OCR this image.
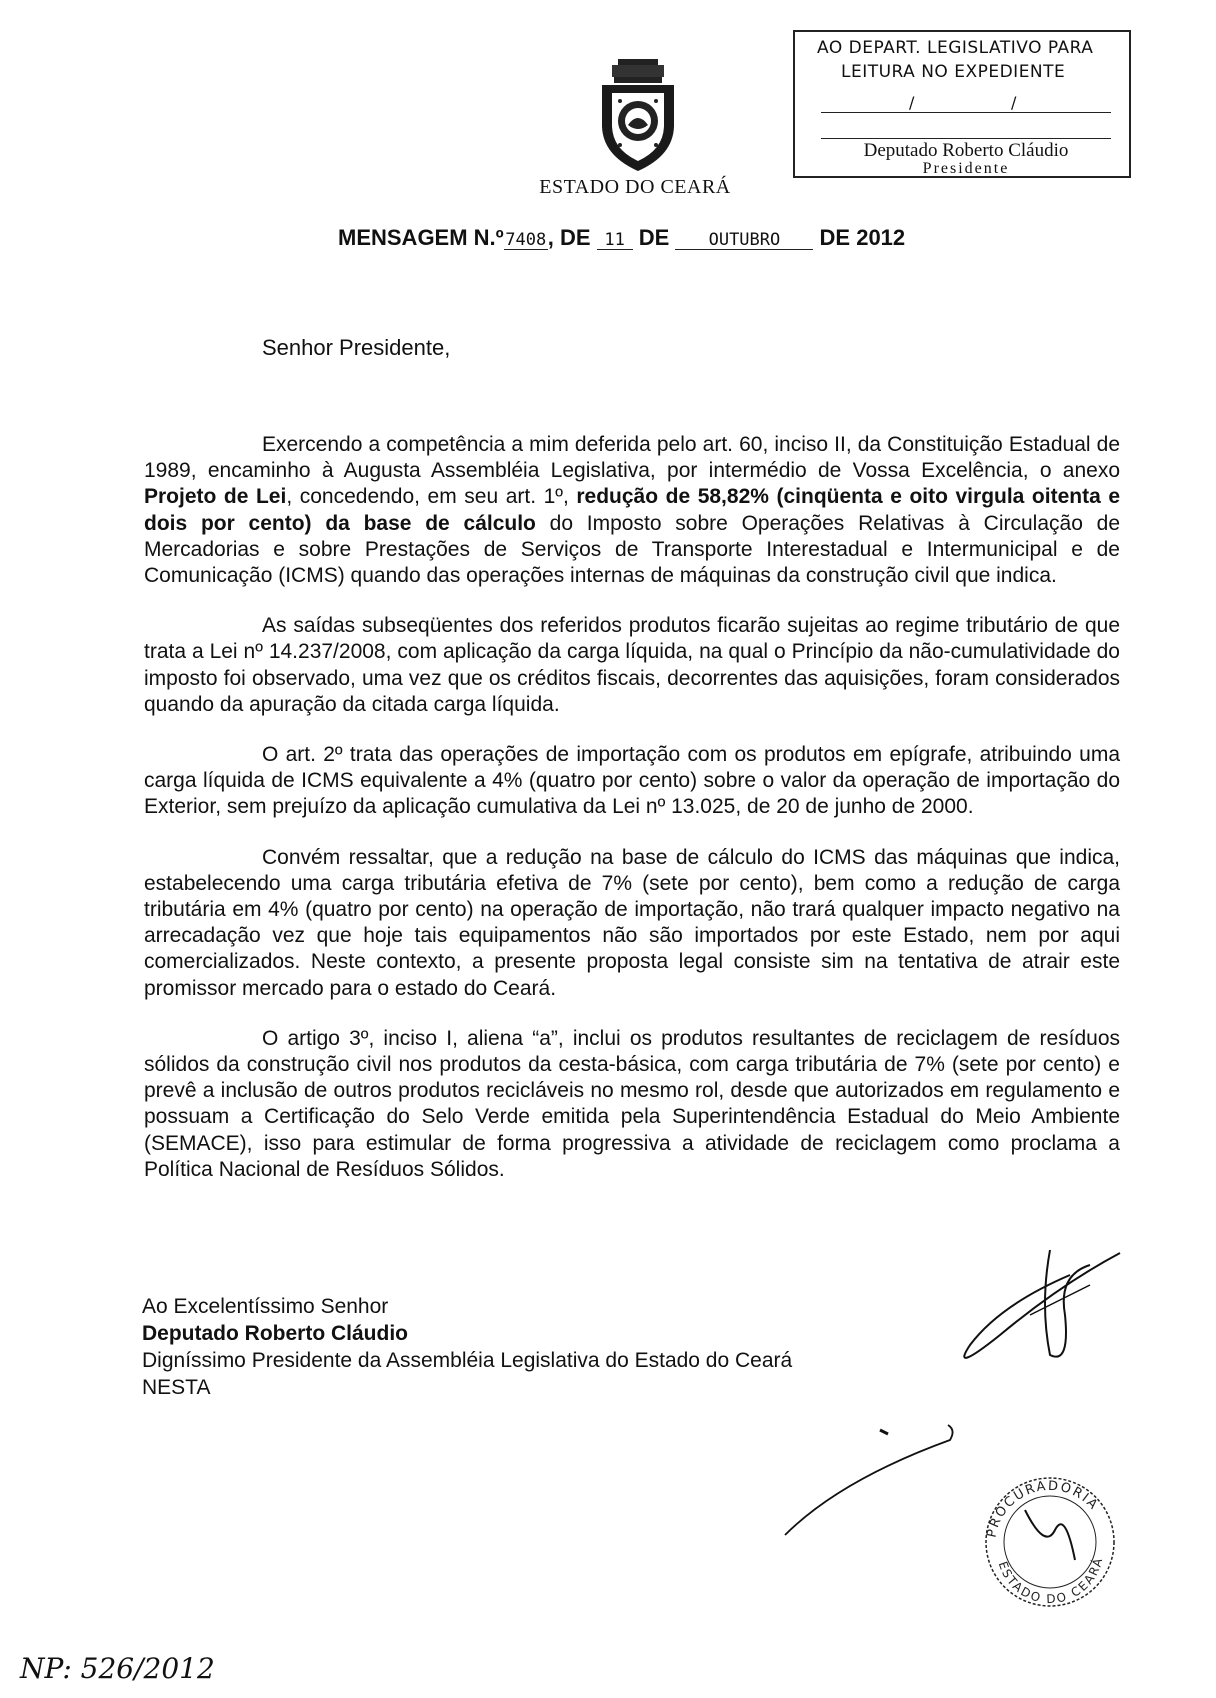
ESTADO DO CEARÁ
AO DEPART. LEGISLATIVO PARA
LEITURA NO EXPEDIENTE
/	/
Deputado Roberto Cláudio
Presidente
MENSAGEM N.º7408, DE 11 DE OUTUBRO DE 2012
Senhor Presidente,

Exercendo a competência a mim deferida pelo art. 60, inciso II, da Constituição Estadual de 1989, encaminho à Augusta Assembléia Legislativa, por intermédio de Vossa Excelência, o anexo Projeto de Lei, concedendo, em seu art. 1º, redução de 58,82% (cinqüenta e oito virgula oitenta e dois por cento) da base de cálculo do Imposto sobre Operações Relativas à Circulação de Mercadorias e sobre Prestações de Serviços de Transporte Interestadual e Intermunicipal e de Comunicação (ICMS) quando das operações internas de máquinas da construção civil que indica.

As saídas subseqüentes dos referidos produtos ficarão sujeitas ao regime tributário de que trata a Lei nº 14.237/2008, com aplicação da carga líquida, na qual o Princípio da não-cumulatividade do imposto foi observado, uma vez que os créditos fiscais, decorrentes das aquisições, foram considerados quando da apuração da citada carga líquida.

O art. 2º trata das operações de importação com os produtos em epígrafe, atribuindo uma carga líquida de ICMS equivalente a 4% (quatro por cento) sobre o valor da operação de importação do Exterior, sem prejuízo da aplicação cumulativa da Lei nº 13.025, de 20 de junho de 2000.

Convém ressaltar, que a redução na base de cálculo do ICMS das máquinas que indica, estabelecendo uma carga tributária efetiva de 7% (sete por cento), bem como a redução de carga tributária em 4% (quatro por cento) na operação de importação, não trará qualquer impacto negativo na arrecadação vez que hoje tais equipamentos não são importados por este Estado, nem por aqui comercializados. Neste contexto, a presente proposta legal consiste sim na tentativa de atrair este promissor mercado para o estado do Ceará.

O artigo 3º, inciso I, aliena “a”, inclui os produtos resultantes de reciclagem de resíduos sólidos da construção civil nos produtos da cesta-básica, com carga tributária de 7% (sete por cento) e prevê a inclusão de outros produtos recicláveis no mesmo rol, desde que autorizados em regulamento e possuam a Certificação do Selo Verde emitida pela Superintendência Estadual do Meio Ambiente (SEMACE), isso para estimular de forma progressiva a atividade de reciclagem como proclama a Política Nacional de Resíduos Sólidos.

Ao Excelentíssimo Senhor
Deputado Roberto Cláudio
Digníssimo Presidente da Assembléia Legislativa do Estado do Ceará
NESTA
PROCURADORIA
ESTADO DO CEARÁ
NP: 526/2012
